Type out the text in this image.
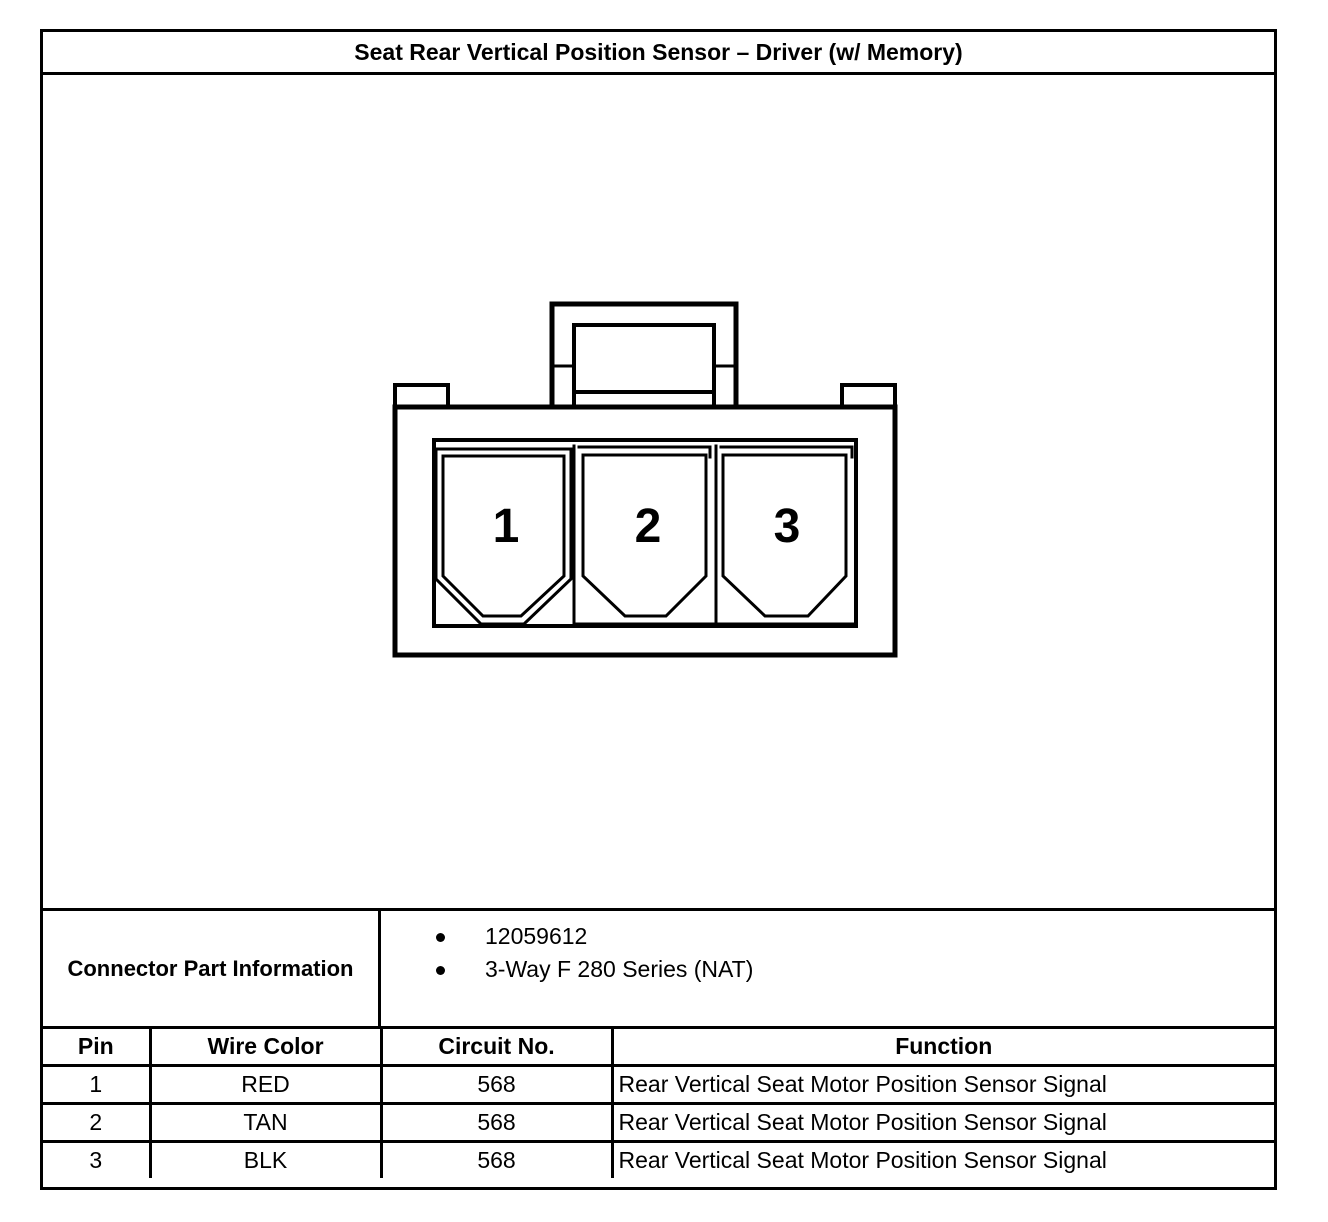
Seat Rear Vertical Position Sensor – Driver (w/ Memory)
1 2 3
Connector Part Information
12059612
3-Way F 280 Series (NAT)
Pin	Wire Color	Circuit No.	Function
1	RED	568	Rear Vertical Seat Motor Position Sensor Signal
2	TAN	568	Rear Vertical Seat Motor Position Sensor Signal
3	BLK	568	Rear Vertical Seat Motor Position Sensor Signal
